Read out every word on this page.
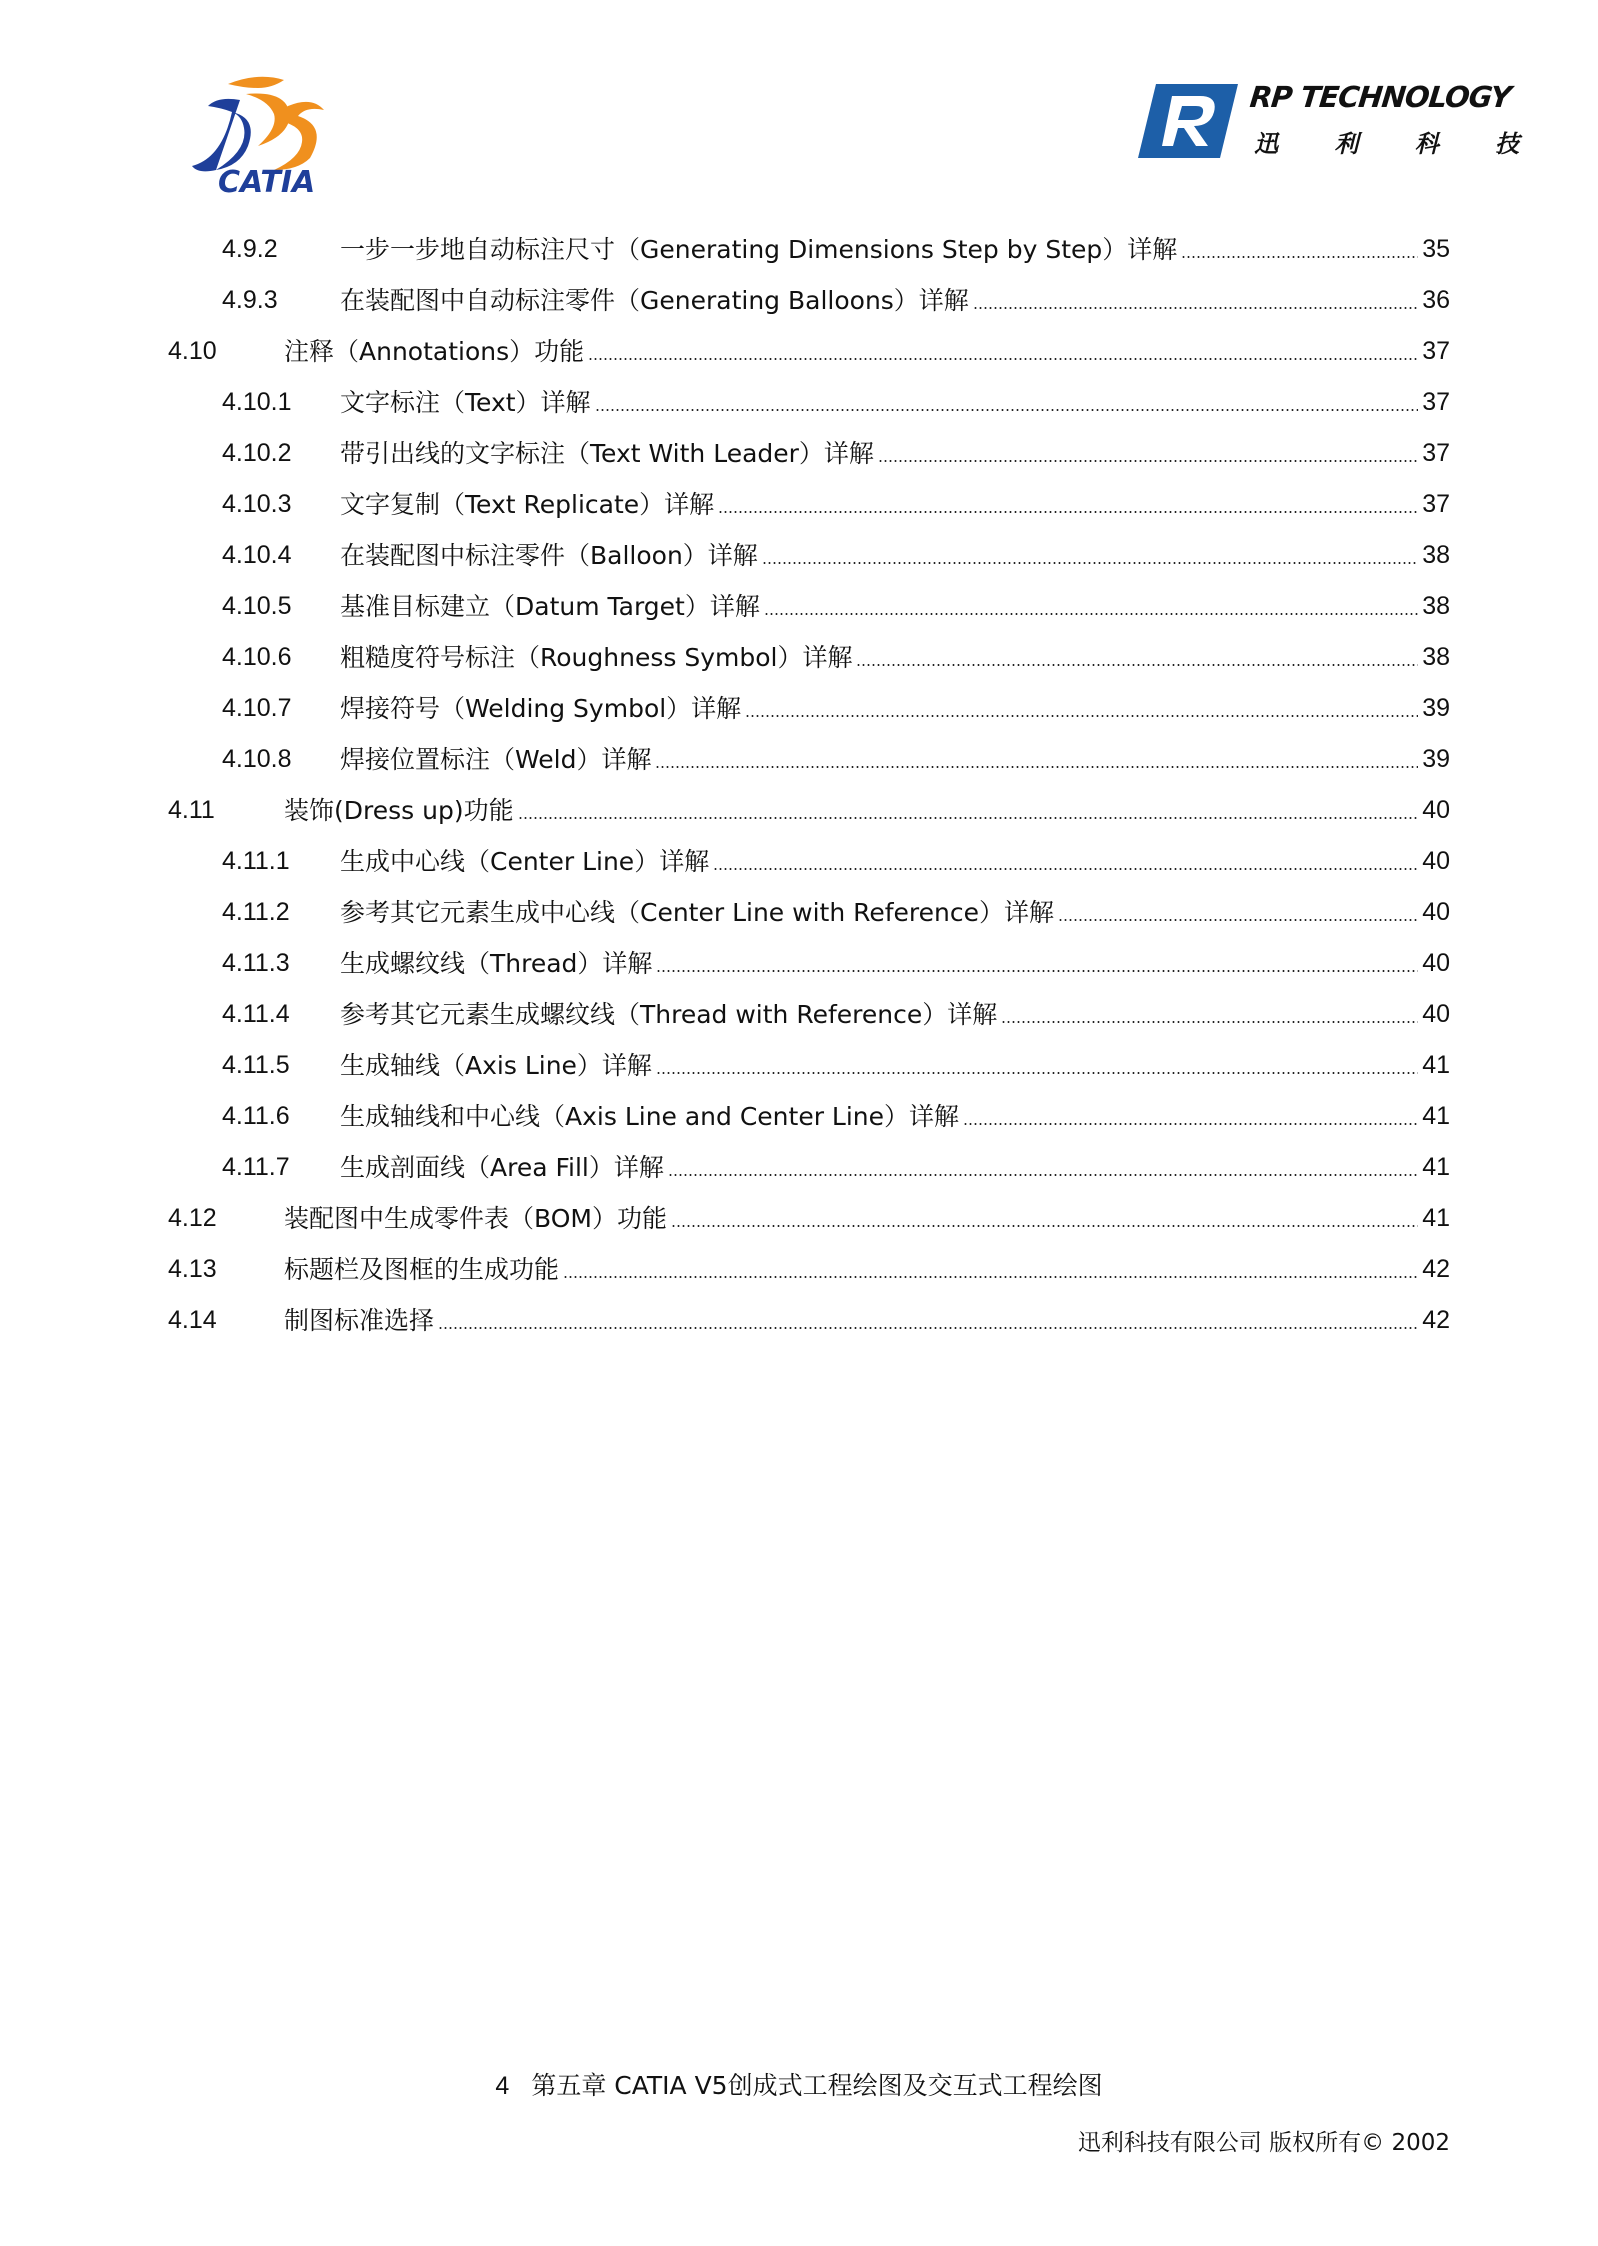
CATIA
RP TECHNOLOGY
迅 利 科 技
4.9.2	一步一步地自动标注尺寸（Generating Dimensions Step by Step）详解	35
4.9.3	在装配图中自动标注零件（Generating Balloons）详解	36
4.10	注释（Annotations）功能	37
4.10.1	文字标注（Text）详解	37
4.10.2	带引出线的文字标注（Text With Leader）详解	37
4.10.3	文字复制（Text Replicate）详解	37
4.10.4	在装配图中标注零件（Balloon）详解	38
4.10.5	基准目标建立（Datum Target）详解	38
4.10.6	粗糙度符号标注（Roughness Symbol）详解	38
4.10.7	焊接符号（Welding Symbol）详解	39
4.10.8	焊接位置标注（Weld）详解	39
4.11	装饰(Dress up)功能	40
4.11.1	生成中心线（Center Line）详解	40
4.11.2	参考其它元素生成中心线（Center Line with Reference）详解	40
4.11.3	生成螺纹线（Thread）详解	40
4.11.4	参考其它元素生成螺纹线（Thread with Reference）详解	40
4.11.5	生成轴线（Axis Line）详解	41
4.11.6	生成轴线和中心线（Axis Line and Center Line）详解	41
4.11.7	生成剖面线（Area Fill）详解	41
4.12	装配图中生成零件表（BOM）功能	41
4.13	标题栏及图框的生成功能	42
4.14	制图标准选择	42
4 第五章 CATIA V5创成式工程绘图及交互式工程绘图
迅利科技有限公司 版权所有© 2002
